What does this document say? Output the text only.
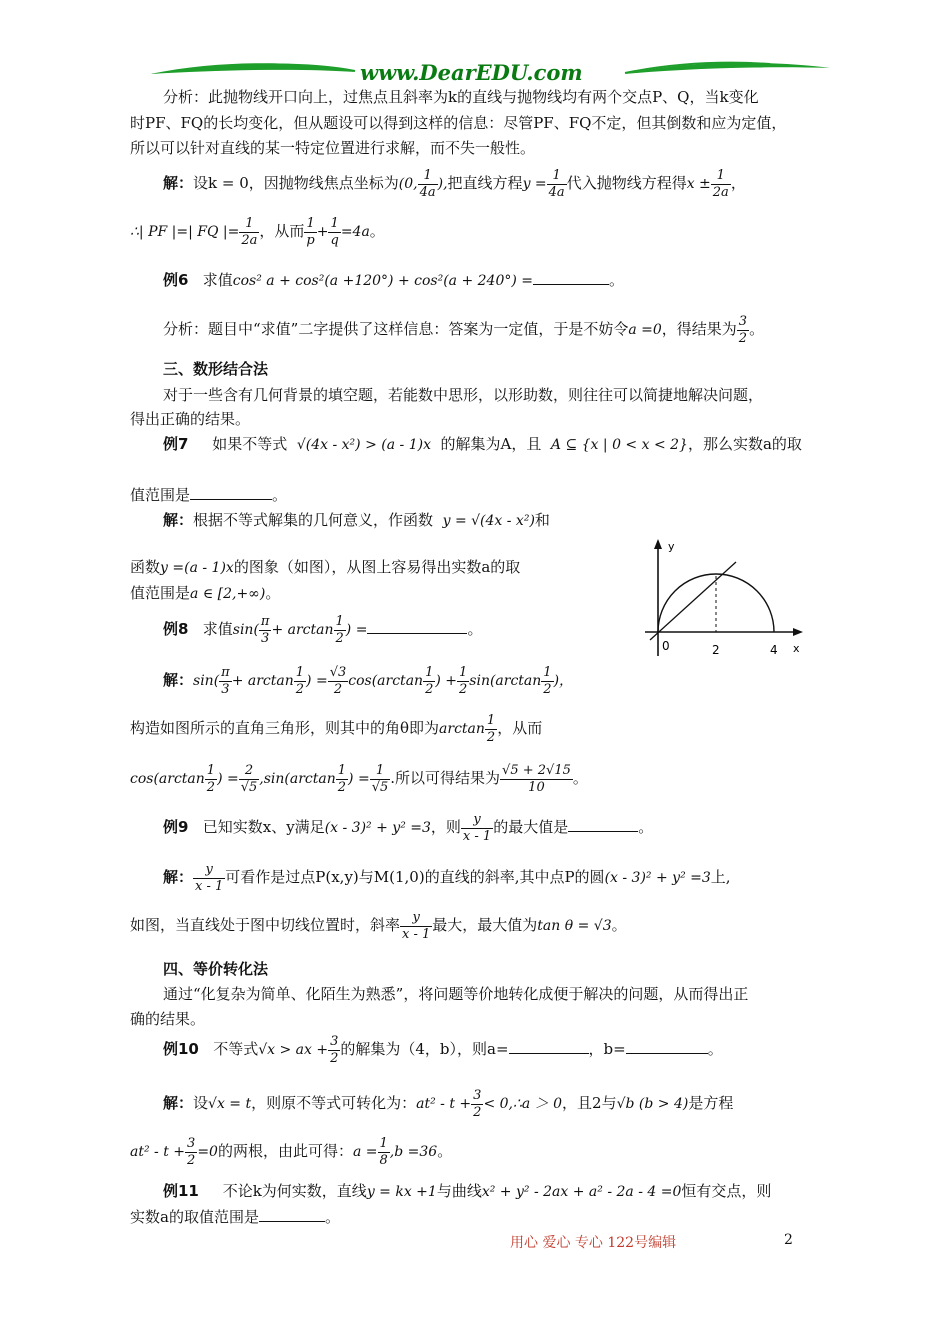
www.DearEDU.com
分析：此抛物线开口向上，过焦点且斜率为k的直线与抛物线均有两个交点P、Q，当k变化
时PF、FQ的长均变化，但从题设可以得到这样的信息：尽管PF、FQ不定，但其倒数和应为定值，
所以可以针对直线的某一特定位置进行求解，而不失一般性。
解：设k = 0，因抛物线焦点坐标为(0, $\frac{1}{4a}$ ),把直线方程$y = \frac{1}{4a}$ 代入抛物线方程得$x \pm \frac{1}{2a}$ ，
∴| PF |=| FQ |= $\frac{1}{2a}$ ，从而 $\frac{1}{p} + \frac{1}{q} =4a$。
例6 求值cos² a + cos²(a +120°) + cos²(a + 240°) =	。
分析：题目中“求值”二字提供了这样信息：答案为一定值，于是不妨令a =0，得结果为 $\frac{3}{2}$ 。
三、数形结合法
对于一些含有几何背景的填空题，若能数中思形，以形助数，则往往可以简捷地解决问题，
得出正确的结果。
例7 如果不等式 √(4x - x²) > (a - 1)x 的解集为A，且 A ⊆ {x | 0 < x < 2}，那么实数a的取
值范围是	。
解：根据不等式解集的几何意义，作函数 y = √(4x - x²)和
函数y =(a - 1)x的图象（如图），从图上容易得出实数a的取
值范围是a ∈ [2,+∞)。
y
x
0	2	4
例8 求值$\sin( \frac{\pi}{3} + \arctan \frac{1}{2}$ ) =	。
解：$\sin( \frac{\pi}{3} + \arctan \frac{1}{2}$ ) = $\frac{√3}{2} \cos(\arctan \frac{1}{2}$ ) + $\frac{1}{2} \sin(\arctan \frac{1}{2}$ )，
构造如图所示的直角三角形，则其中的角θ即为$\arctan \frac{1}{2}$ ，从而
$\cos(\arctan \frac{1}{2}$ ) = $\frac{2}{√5} ,\sin(\arctan \frac{1}{2}$ ) = $\frac{1}{√5}$ .所以可得结果为 $\frac{√5 + 2√15}{10}$ 。
例9 已知实数x、y满足(x - 3)² + y² =3，则 $\frac{y}{x - 1}$ 的最大值是	。
解： $\frac{y}{x - 1}$ 可看作是过点P(x,y)与M(1,0)的直线的斜率,其中点P的圆(x - 3)² + y² =3上,
如图，当直线处于图中切线位置时，斜率 $\frac{y}{x - 1}$ 最大，最大值为tan θ = √3。
四、等价转化法
通过“化复杂为简单、化陌生为熟悉”，将问题等价地转化成便于解决的问题，从而得出正
确的结果。
例10 不等式√x > ax + $\frac{3}{2}$ 的解集为（4，b），则a=	，b=	。
解：设√x = t，则原不等式可转化为：$at^2 - t + \frac{3}{2}$ < 0,∴a ＞ 0，且2与√b (b > 4)是方程
$at^2 - t + \frac{3}{2} =0$的两根，由此可得：$a = \frac{1}{8} ,b =36$。
例11 不论k为何实数，直线y = kx +1与曲线x² + y² - 2ax + a² - 2a - 4 =0恒有交点，则
实数a的取值范围是	。
用心 爱心 专心 122号编辑	2
